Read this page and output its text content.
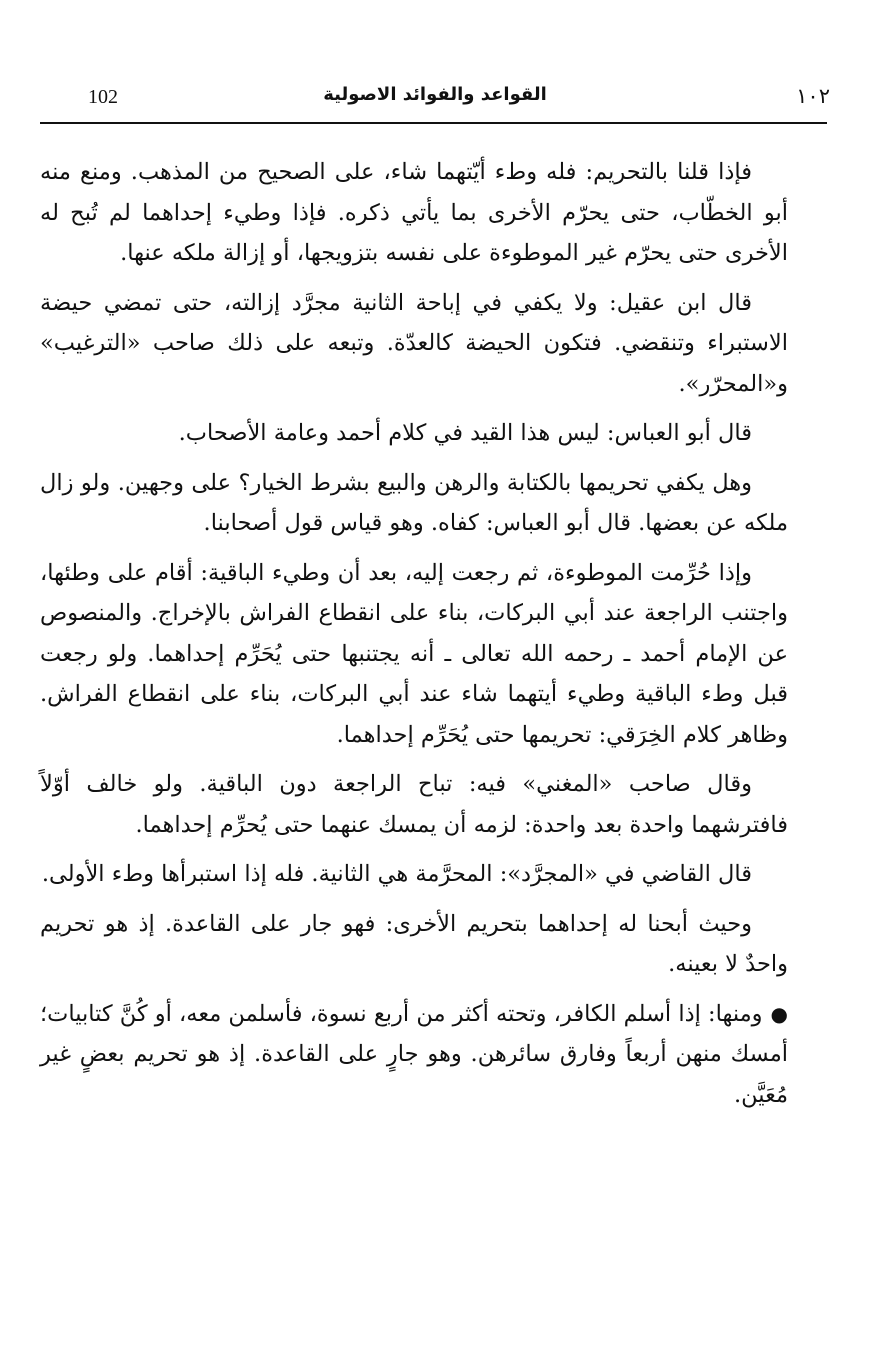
102	القواعد والفوائد الاصولية	١٠٢

فإذا قلنا بالتحريم: فله وطء أيّتهما شاء، على الصحيح من المذهب. ومنع منه أبو الخطّاب، حتى يحرّم الأخرى بما يأتي ذكره. فإذا وطيء إحداهما لم تُبح له الأخرى حتى يحرّم غير الموطوءة على نفسه بتزويجها، أو إزالة ملكه عنها.

قال ابن عقيل: ولا يكفي في إباحة الثانية مجرَّد إزالته، حتى تمضي حيضة الاستبراء وتنقضي. فتكون الحيضة كالعدّة. وتبعه على ذلك صاحب «الترغيب» و«المحرّر».

قال أبو العباس: ليس هذا القيد في كلام أحمد وعامة الأصحاب.

وهل يكفي تحريمها بالكتابة والرهن والبيع بشرط الخيار؟ على وجهين. ولو زال ملكه عن بعضها. قال أبو العباس: كفاه. وهو قياس قول أصحابنا.

وإذا حُرِّمت الموطوءة، ثم رجعت إليه، بعد أن وطيء الباقية: أقام على وطئها، واجتنب الراجعة عند أبي البركات، بناء على انقطاع الفراش بالإخراج. والمنصوص عن الإمام أحمد ـ رحمه الله تعالى ـ أنه يجتنبها حتى يُحَرِّم إحداهما. ولو رجعت قبل وطء الباقية وطيء أيتهما شاء عند أبي البركات، بناء على انقطاع الفراش. وظاهر كلام الخِرَقي: تحريمها حتى يُحَرِّم إحداهما.

وقال صاحب «المغني» فيه: تباح الراجعة دون الباقية. ولو خالف أوّلاً فافترشهما واحدة بعد واحدة: لزمه أن يمسك عنهما حتى يُحرِّم إحداهما.

قال القاضي في «المجرَّد»: المحرَّمة هي الثانية. فله إذا استبرأها وطء الأولى.

وحيث أبحنا له إحداهما بتحريم الأخرى: فهو جار على القاعدة. إذ هو تحريم واحدٌ لا بعينه.

●ومنها: إذا أسلم الكافر، وتحته أكثر من أربع نسوة، فأسلمن معه، أو كُنَّ كتابيات؛ أمسك منهن أربعاً وفارق سائرهن. وهو جارٍ على القاعدة. إذ هو تحريم بعضٍ غير مُعَيَّن.
